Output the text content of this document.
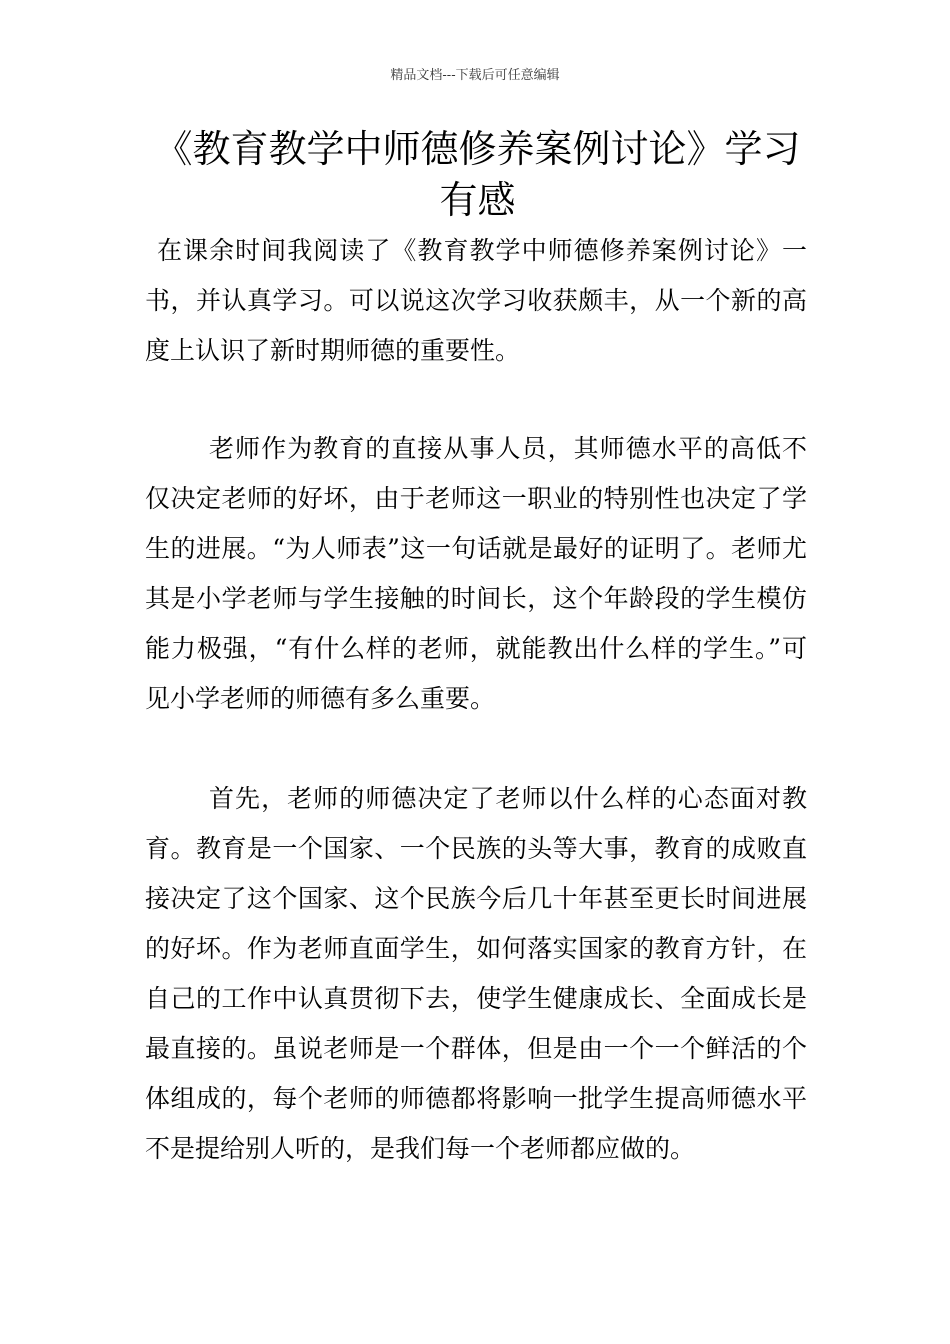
精品文档---下载后可任意编辑
《教育教学中师德修养案例讨论》学习有感

在课余时间我阅读了《教育教学中师德修养案例讨论》一书，并认真学习。可以说这次学习收获颇丰，从一个新的高度上认识了新时期师德的重要性。

老师作为教育的直接从事人员，其师德水平的高低不仅决定老师的好坏，由于老师这一职业的特别性也决定了学生的进展。“为人师表”这一句话就是最好的证明了。老师尤其是小学老师与学生接触的时间长，这个年龄段的学生模仿能力极强，“有什么样的老师，就能教出什么样的学生。”可见小学老师的师德有多么重要。

首先，老师的师德决定了老师以什么样的心态面对教育。教育是一个国家、一个民族的头等大事，教育的成败直接决定了这个国家、这个民族今后几十年甚至更长时间进展的好坏。作为老师直面学生，如何落实国家的教育方针，在自己的工作中认真贯彻下去，使学生健康成长、全面成长是最直接的。虽说老师是一个群体，但是由一个一个鲜活的个体组成的，每个老师的师德都将影响一批学生提高师德水平不是提给别人听的，是我们每一个老师都应做的。
